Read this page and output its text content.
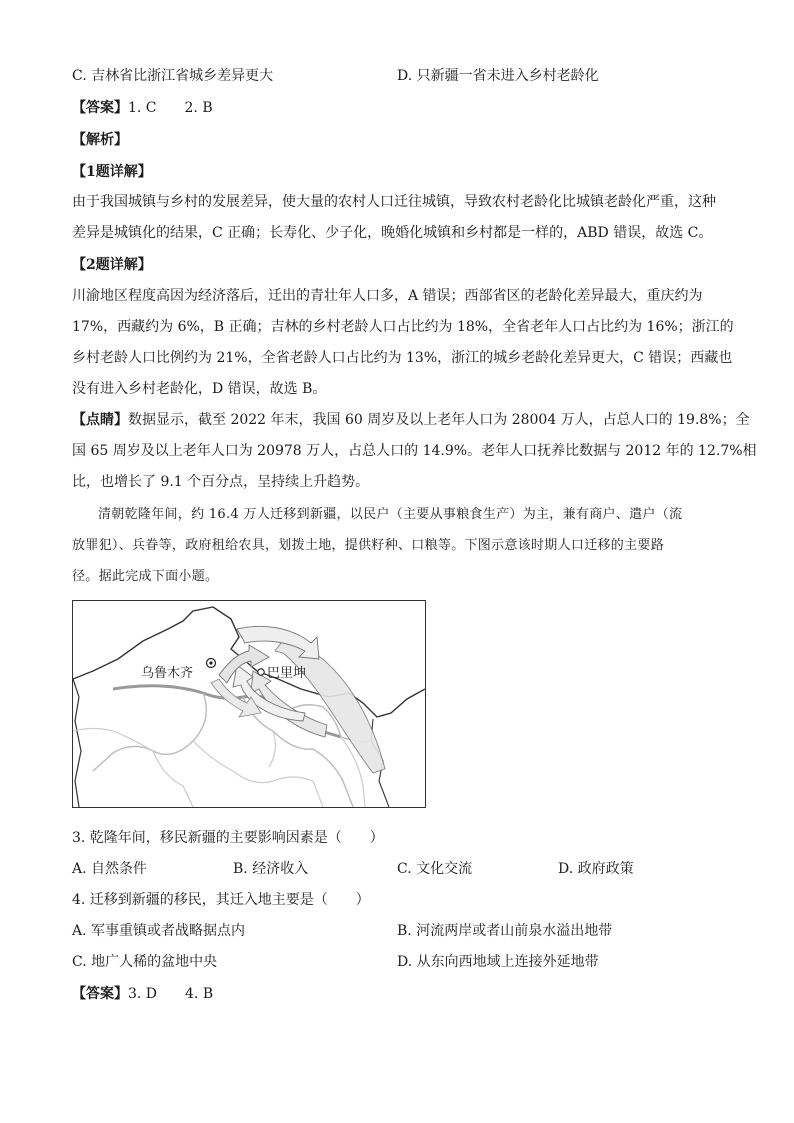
C. 吉林省比浙江省城乡差异更大	D. 只新疆一省未进入乡村老龄化
【答案】1. C　　2. B
【解析】
【1题详解】
由于我国城镇与乡村的发展差异，使大量的农村人口迁往城镇，导致农村老龄化比城镇老龄化严重，这种
差异是城镇化的结果，C 正确；长寿化、少子化，晚婚化城镇和乡村都是一样的，ABD 错误，故选 C。
【2题详解】
川渝地区程度高因为经济落后，迁出的青壮年人口多，A 错误；西部省区的老龄化差异最大，重庆约为
17%，西藏约为 6%，B 正确；吉林的乡村老龄人口占比约为 18%，全省老年人口占比约为 16%；浙江的
乡村老龄人口比例约为 21%，全省老龄人口占比约为 13%，浙江的城乡老龄化差异更大，C 错误；西藏也
没有进入乡村老龄化，D 错误，故选 B。
【点睛】数据显示，截至 2022 年末，我国 60 周岁及以上老年人口为 28004 万人，占总人口的 19.8%；全
国 65 周岁及以上老年人口为 20978 万人，占总人口的 14.9%。老年人口抚养比数据与 2012 年的 12.7%相
比，也增长了 9.1 个百分点，呈持续上升趋势。
清朝乾隆年间，约 16.4 万人迁移到新疆，以民户（主要从事粮食生产）为主，兼有商户、遣户（流
放罪犯）、兵眷等，政府租给农具，划拨土地，提供籽种、口粮等。下图示意该时期人口迁移的主要路
径。据此完成下面小题。
乌鲁木齐	巴里坤
3. 乾隆年间，移民新疆的主要影响因素是（　　）
A. 自然条件	B. 经济收入	C. 文化交流	D. 政府政策
4. 迁移到新疆的移民，其迁入地主要是（　　）
A. 军事重镇或者战略据点内	B. 河流两岸或者山前泉水溢出地带
C. 地广人稀的盆地中央	D. 从东向西地域上连接外延地带
【答案】3. D　　4. B
